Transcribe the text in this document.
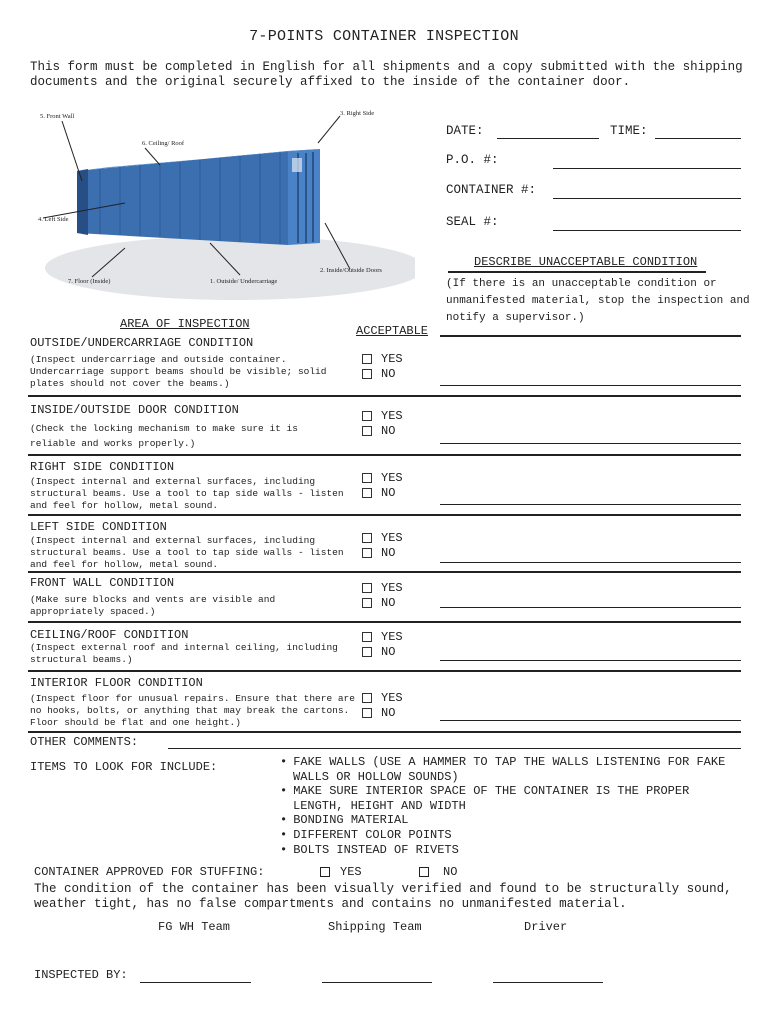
7-POINTS CONTAINER INSPECTION
This form must be completed in English for all shipments and a copy submitted with the shipping documents and the original securely affixed to the inside of the container door.
5. Front Wall	3. Right Side
6. Ceiling/ Roof
4. Left Side
7. Floor (Inside)	1. Outside/ Undercarriage
2. Inside/Outside Doors
DATE:	TIME:
P.O. #:
CONTAINER #:
SEAL #:
DESCRIBE UNACCEPTABLE CONDITION
(If there is an unacceptable condition or unmanifested material, stop the inspection and notify a supervisor.)
AREA OF INSPECTION	ACCEPTABLE
OUTSIDE/UNDERCARRIAGE CONDITION
(Inspect undercarriage and outside container. Undercarriage support beams should be visible; solid plates should not cover the beams.)
YES
NO
INSIDE/OUTSIDE DOOR CONDITION
(Check the locking mechanism to make sure it is reliable and works properly.)
YES
NO
RIGHT SIDE CONDITION
(Inspect internal and external surfaces, including structural beams. Use a tool to tap side walls - listen and feel for hollow, metal sound.
YES
NO
LEFT SIDE CONDITION
(Inspect internal and external surfaces, including structural beams. Use a tool to tap side walls - listen and feel for hollow, metal sound.
YES
NO
FRONT WALL CONDITION
(Make sure blocks and vents are visible and appropriately spaced.)
YES
NO
CEILING/ROOF CONDITION
(Inspect external roof and internal ceiling, including structural beams.)
YES
NO
INTERIOR FLOOR CONDITION
(Inspect floor for unusual repairs. Ensure that there are no hooks, bolts, or anything that may break the cartons. Floor should be flat and one height.)
YES
NO
OTHER COMMENTS:
ITEMS TO LOOK FOR INCLUDE:
•	FAKE WALLS (USE A HAMMER TO TAP THE WALLS LISTENING FOR FAKE WALLS OR HOLLOW SOUNDS)
• MAKE SURE INTERIOR SPACE OF THE CONTAINER IS THE PROPER LENGTH, HEIGHT AND WIDTH
• BONDING MATERIAL
• DIFFERENT COLOR POINTS
• BOLTS INSTEAD OF RIVETS
CONTAINER APPROVED FOR STUFFING:	YES	NO
The condition of the container has been visually verified and found to be structurally sound, weather tight, has no false compartments and contains no unmanifested material.
FG WH Team	Shipping Team	Driver
INSPECTED BY:
